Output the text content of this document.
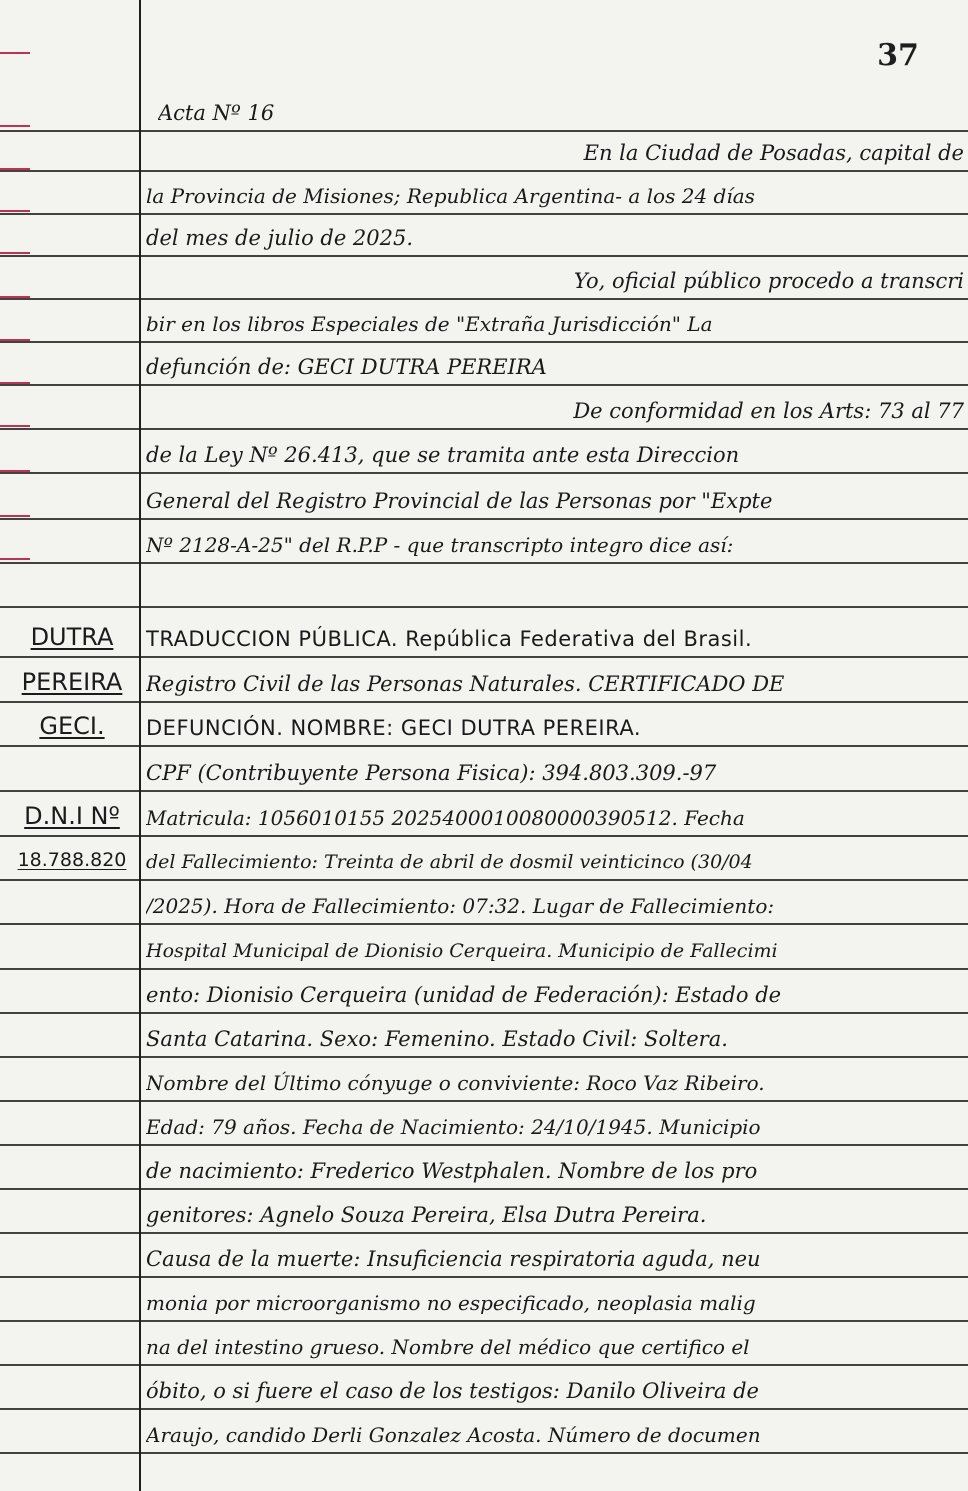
37
DUTRA
PEREIRA
GECI.
D.N.I Nº
18.788.820
Acta Nº 16
En la Ciudad de Posadas, capital de
la Provincia de Misiones; Republica Argentina- a los 24 días
del mes de julio de 2025.
Yo, oficial público procedo a transcri
bir en los libros Especiales de "Extraña Jurisdicción" La
defunción de: GECI DUTRA PEREIRA
De conformidad en los Arts: 73 al 77
de la Ley Nº 26.413, que se tramita ante esta Direccion
General del Registro Provincial de las Personas por "Expte
Nº 2128-A-25" del R.P.P - que transcripto integro dice así:
TRADUCCION PÚBLICA. República Federativa del Brasil.
Registro Civil de las Personas Naturales. CERTIFICADO DE
DEFUNCIÓN. NOMBRE: GECI DUTRA PEREIRA.
CPF (Contribuyente Persona Fisica): 394.803.309.-97
Matricula: 1056010155 2025400010080000390512. Fecha
del Fallecimiento: Treinta de abril de dosmil veinticinco (30/04
/2025). Hora de Fallecimiento: 07:32. Lugar de Fallecimiento:
Hospital Municipal de Dionisio Cerqueira. Municipio de Fallecimi
ento: Dionisio Cerqueira (unidad de Federación): Estado de
Santa Catarina. Sexo: Femenino. Estado Civil: Soltera.
Nombre del Último cónyuge o conviviente: Roco Vaz Ribeiro.
Edad: 79 años. Fecha de Nacimiento: 24/10/1945. Municipio
de nacimiento: Frederico Westphalen. Nombre de los pro
genitores: Agnelo Souza Pereira, Elsa Dutra Pereira.
Causa de la muerte: Insuficiencia respiratoria aguda, neu
monia por microorganismo no especificado, neoplasia malig
na del intestino grueso. Nombre del médico que certifico el
óbito, o si fuere el caso de los testigos: Danilo Oliveira de
Araujo, candido Derli Gonzalez Acosta. Número de documen
